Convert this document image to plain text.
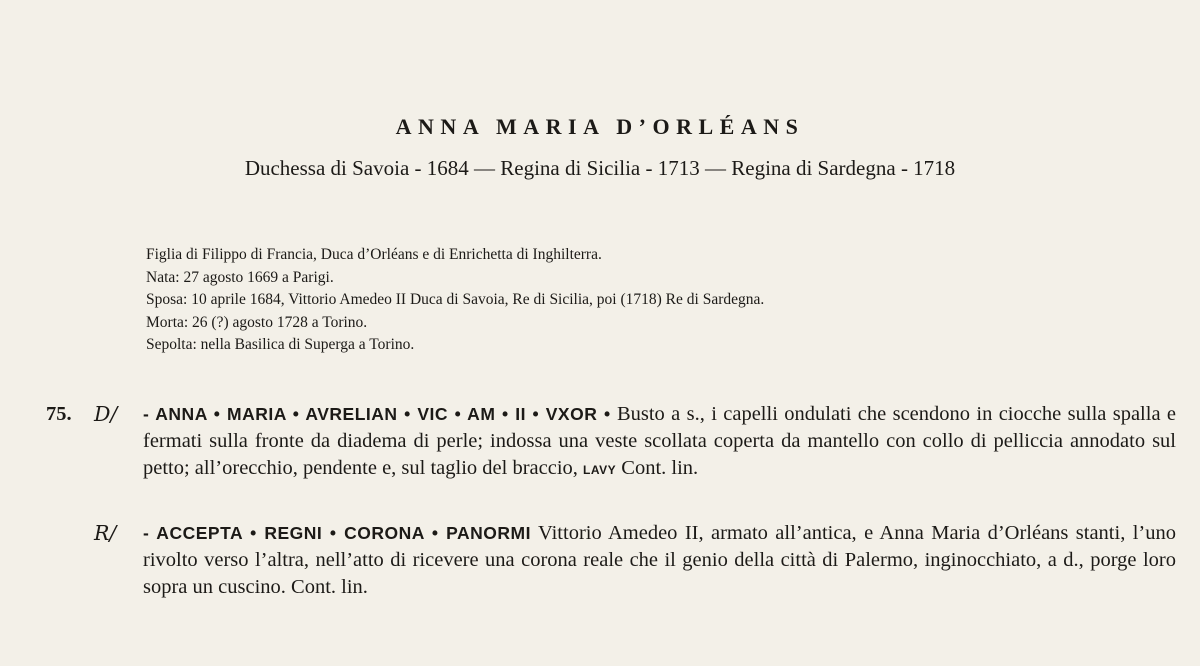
ANNA MARIA D’ORLÉANS
Duchessa di Savoia - 1684 — Regina di Sicilia - 1713 — Regina di Sardegna - 1718
Figlia di Filippo di Francia, Duca d’Orléans e di Enrichetta di Inghilterra.
Nata: 27 agosto 1669 a Parigi.
Sposa: 10 aprile 1684, Vittorio Amedeo II Duca di Savoia, Re di Sicilia, poi (1718) Re di Sardegna.
Morta: 26 (?) agosto 1728 a Torino.
Sepolta: nella Basilica di Superga a Torino.
75. D/ - ANNA • MARIA • AVRELIAN • VIC • AM • II • VXOR • Busto a s., i capelli ondulati che scendono in ciocche sulla spalla e fermati sulla fronte da diadema di perle; indossa una veste scollata coperta da mantello con collo di pelliccia annodato sul petto; all’orecchio, pendente e, sul taglio del braccio, LAVY Cont. lin.
R/ - ACCEPTA • REGNI • CORONA • PANORMI Vittorio Amedeo II, armato all’antica, e Anna Maria d’Orléans stanti, l’uno rivolto verso l’altra, nell’atto di ricevere una corona reale che il genio della città di Palermo, inginocchiato, a d., porge loro sopra un cuscino. Cont. lin.
